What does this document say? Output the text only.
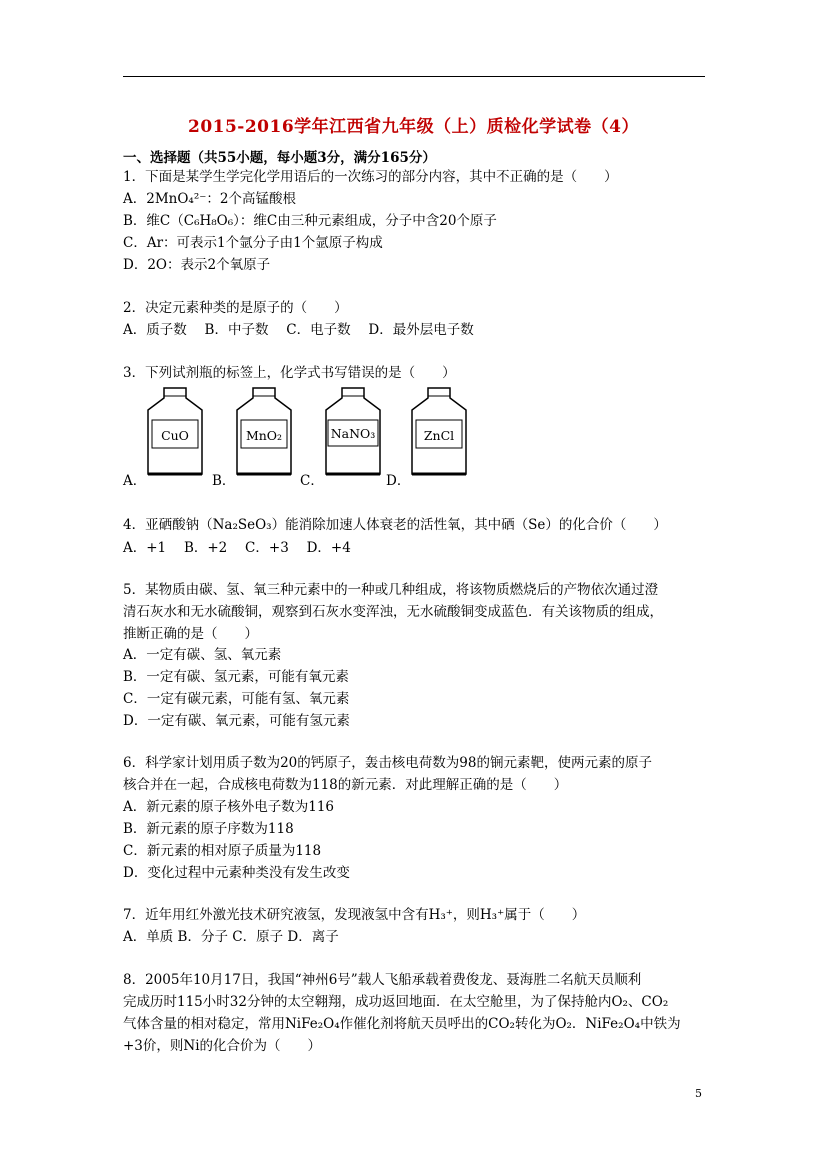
2015-2016学年江西省九年级（上）质检化学试卷（4）
一、选择题（共55小题，每小题3分，满分165分）
1．下面是某学生学完化学用语后的一次练习的部分内容，其中不正确的是（　　）
A．2MnO₄²⁻：2个高锰酸根
B．维C（C₆H₈O₆）：维C由三种元素组成，分子中含20个原子
C．Ar：可表示1个氩分子由1个氩原子构成
D．2O：表示2个氧原子
2．决定元素种类的是原子的（　　）
A．质子数　 B．中子数　 C．电子数　 D．最外层电子数
3．下列试剂瓶的标签上，化学式书写错误的是（　　）
CuO	MnO₂	NaNO₃	ZnCl
A．	B．	C．	D．
4．亚硒酸钠（Na₂SeO₃）能消除加速人体衰老的活性氧，其中硒（Se）的化合价（　　）
A．+1　 B．+2　 C．+3　 D．+4
5．某物质由碳、氢、氧三种元素中的一种或几种组成，将该物质燃烧后的产物依次通过澄
清石灰水和无水硫酸铜，观察到石灰水变浑浊，无水硫酸铜变成蓝色．有关该物质的组成，
推断正确的是（　　）
A．一定有碳、氢、氧元素
B．一定有碳、氢元素，可能有氧元素
C．一定有碳元素，可能有氢、氧元素
D．一定有碳、氧元素，可能有氢元素
6．科学家计划用质子数为20的钙原子，轰击核电荷数为98的锎元素靶，使两元素的原子
核合并在一起，合成核电荷数为118的新元素．对此理解正确的是（　　）
A．新元素的原子核外电子数为116
B．新元素的原子序数为118
C．新元素的相对原子质量为118
D．变化过程中元素种类没有发生改变
7．近年用红外激光技术研究液氢，发现液氢中含有H₃⁺，则H₃⁺属于（　　）
A．单质 B．分子 C．原子 D．离子
8．2005年10月17日，我国“神州6号”载人飞船承载着费俊龙、聂海胜二名航天员顺利
完成历时115小时32分钟的太空翱翔，成功返回地面．在太空舱里，为了保持舱内O₂、CO₂
气体含量的相对稳定，常用NiFe₂O₄作催化剂将航天员呼出的CO₂转化为O₂．NiFe₂O₄中铁为
+3价，则Ni的化合价为（　　）
5
